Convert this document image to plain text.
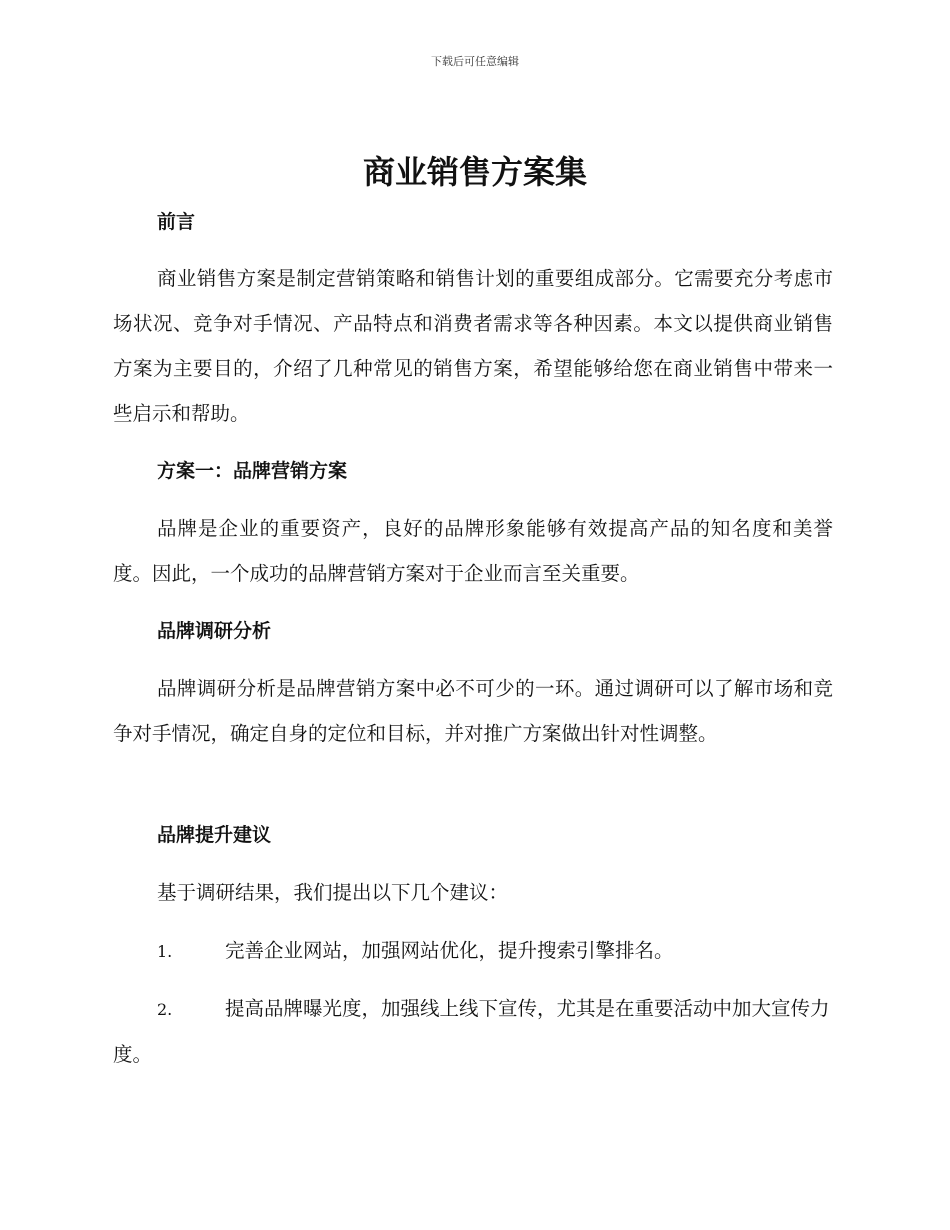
下载后可任意编辑
商业销售方案集
前言

商业销售方案是制定营销策略和销售计划的重要组成部分。它需要充分考虑市场状况、竞争对手情况、产品特点和消费者需求等各种因素。本文以提供商业销售方案为主要目的，介绍了几种常见的销售方案，希望能够给您在商业销售中带来一些启示和帮助。

方案一：品牌营销方案

品牌是企业的重要资产，良好的品牌形象能够有效提高产品的知名度和美誉度。因此，一个成功的品牌营销方案对于企业而言至关重要。

品牌调研分析

品牌调研分析是品牌营销方案中必不可少的一环。通过调研可以了解市场和竞争对手情况，确定自身的定位和目标，并对推广方案做出针对性调整。

品牌提升建议

基于调研结果，我们提出以下几个建议：

1.	完善企业网站，加强网站优化，提升搜索引擎排名。

2.	提高品牌曝光度，加强线上线下宣传，尤其是在重要活动中加大宣传力度。
